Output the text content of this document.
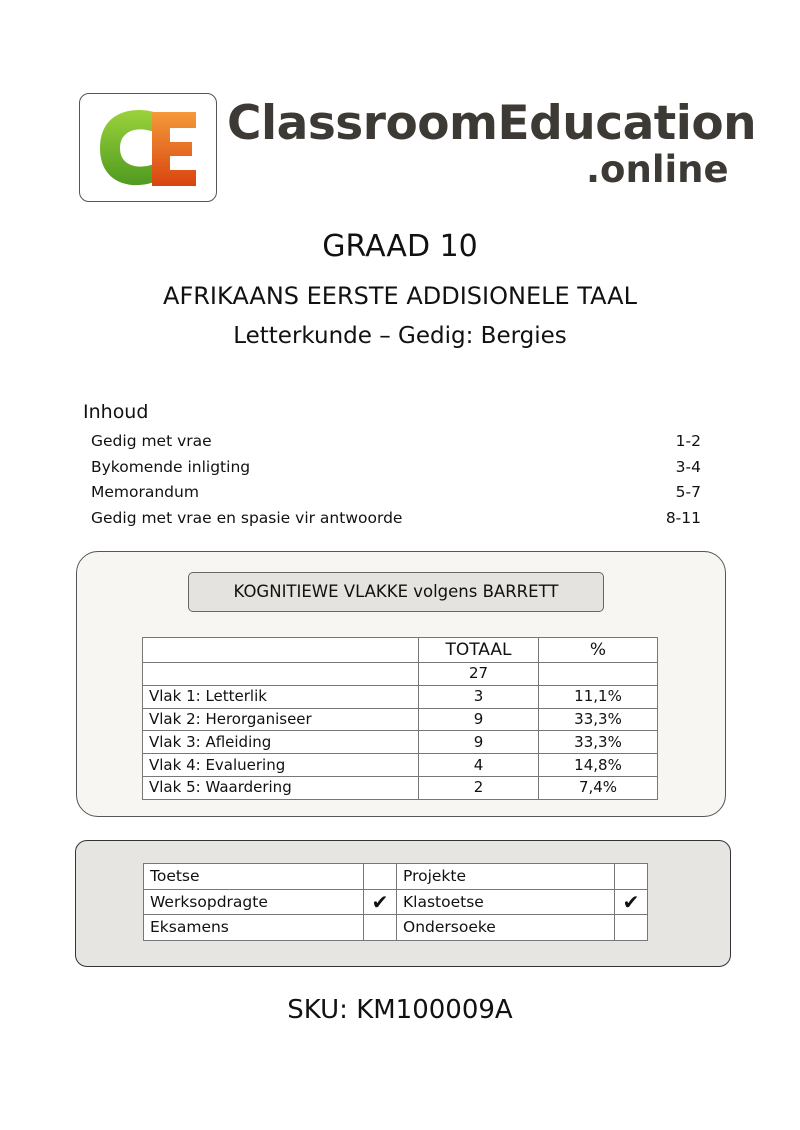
ClassroomEducation
.online
GRAAD 10
AFRIKAANS EERSTE ADDISIONELE TAAL
Letterkunde – Gedig: Bergies
Inhoud
Gedig met vrae	1-2
Bykomende inligting	3-4
Memorandum	5-7
Gedig met vrae en spasie vir antwoorde	8-11
KOGNITIEWE VLAKKE volgens BARRETT
	TOTAAL	%
	27	
Vlak 1: Letterlik	3	11,1%
Vlak 2: Herorganiseer	9	33,3%
Vlak 3: Afleiding	9	33,3%
Vlak 4: Evaluering	4	14,8%
Vlak 5: Waardering	2	7,4%
Toetse		Projekte	
Werksopdragte	✔	Klastoetse	✔
Eksamens		Ondersoeke	
SKU: KM100009A
